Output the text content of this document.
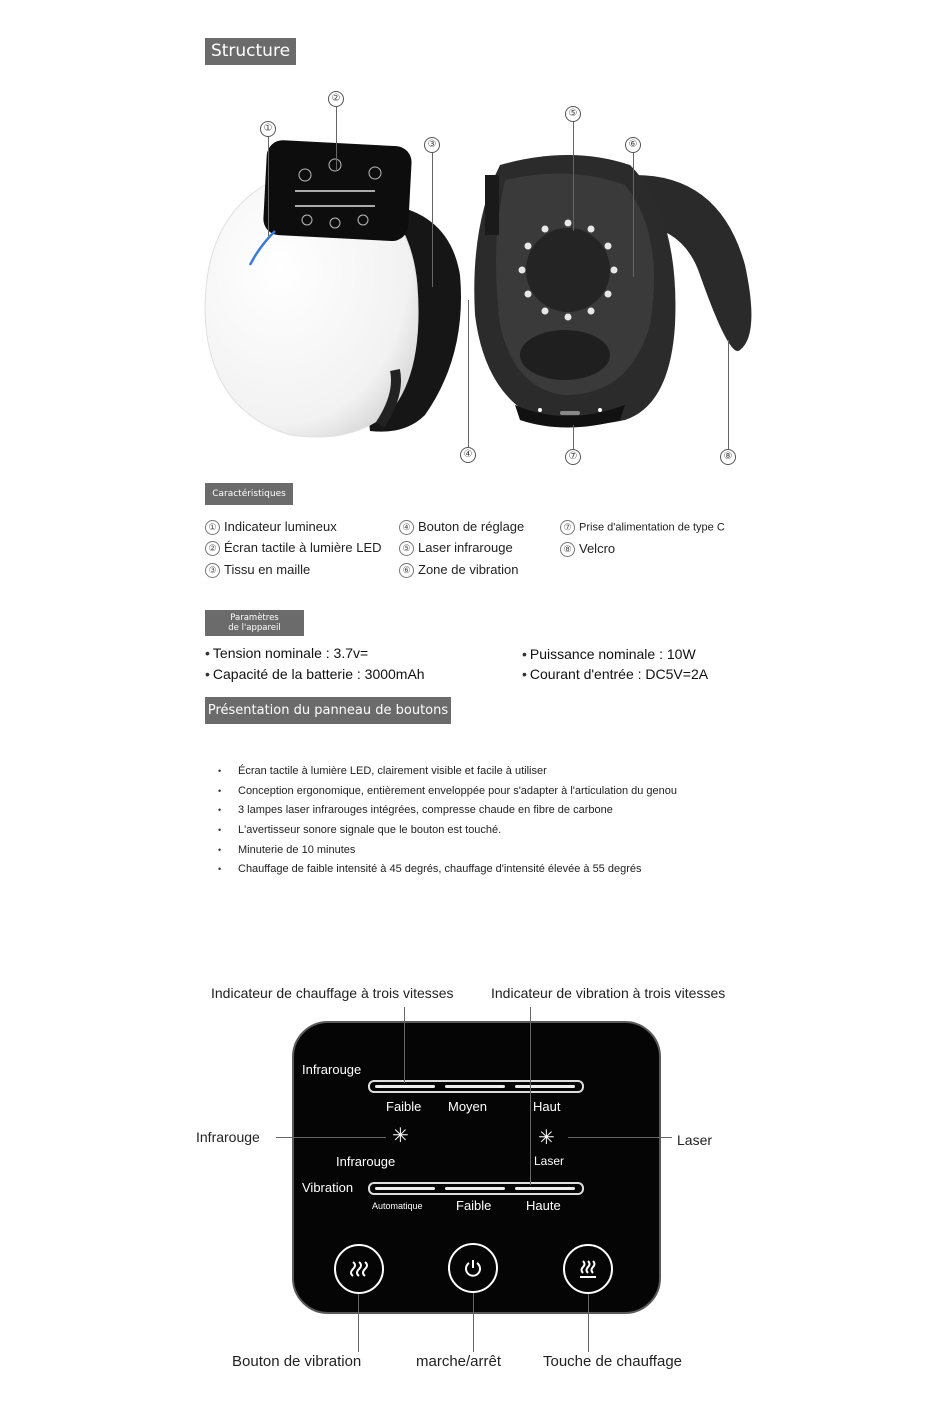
Structure
①
②
③
④
⑤
⑥
⑦	⑧
Caractéristiques
① Indicateur lumineux
② Écran tactile à lumière LED
③ Tissu en maille
④ Bouton de réglage
⑤ Laser infrarouge
⑥ Zone de vibration
⑦ Prise d'alimentation de type C
⑧ Velcro
Paramètres
de l'appareil
• Tension nominale : 3.7v=
• Capacité de la batterie : 3000mAh
• Puissance nominale : 10W
• Courant d'entrée : DC5V=2A
Présentation du panneau de boutons
• Écran tactile à lumière LED, clairement visible et facile à utiliser
• Conception ergonomique, entièrement enveloppée pour s'adapter à l'articulation du genou
• 3 lampes laser infrarouges intégrées, compresse chaude en fibre de carbone
• L'avertisseur sonore signale que le bouton est touché.
• Minuterie de 10 minutes
• Chauffage de faible intensité à 45 degrés, chauffage d'intensité élevée à 55 degrés
Indicateur de chauffage à trois vitesses	Indicateur de vibration à trois vitesses
Infrarouge
Faible Moyen	Haut
✳
Infrarouge
✳
Laser
Vibration
Automatique	Faible	Haute
Infrarouge	Laser
Bouton de vibration	marche/arrêt	Touche de chauffage
